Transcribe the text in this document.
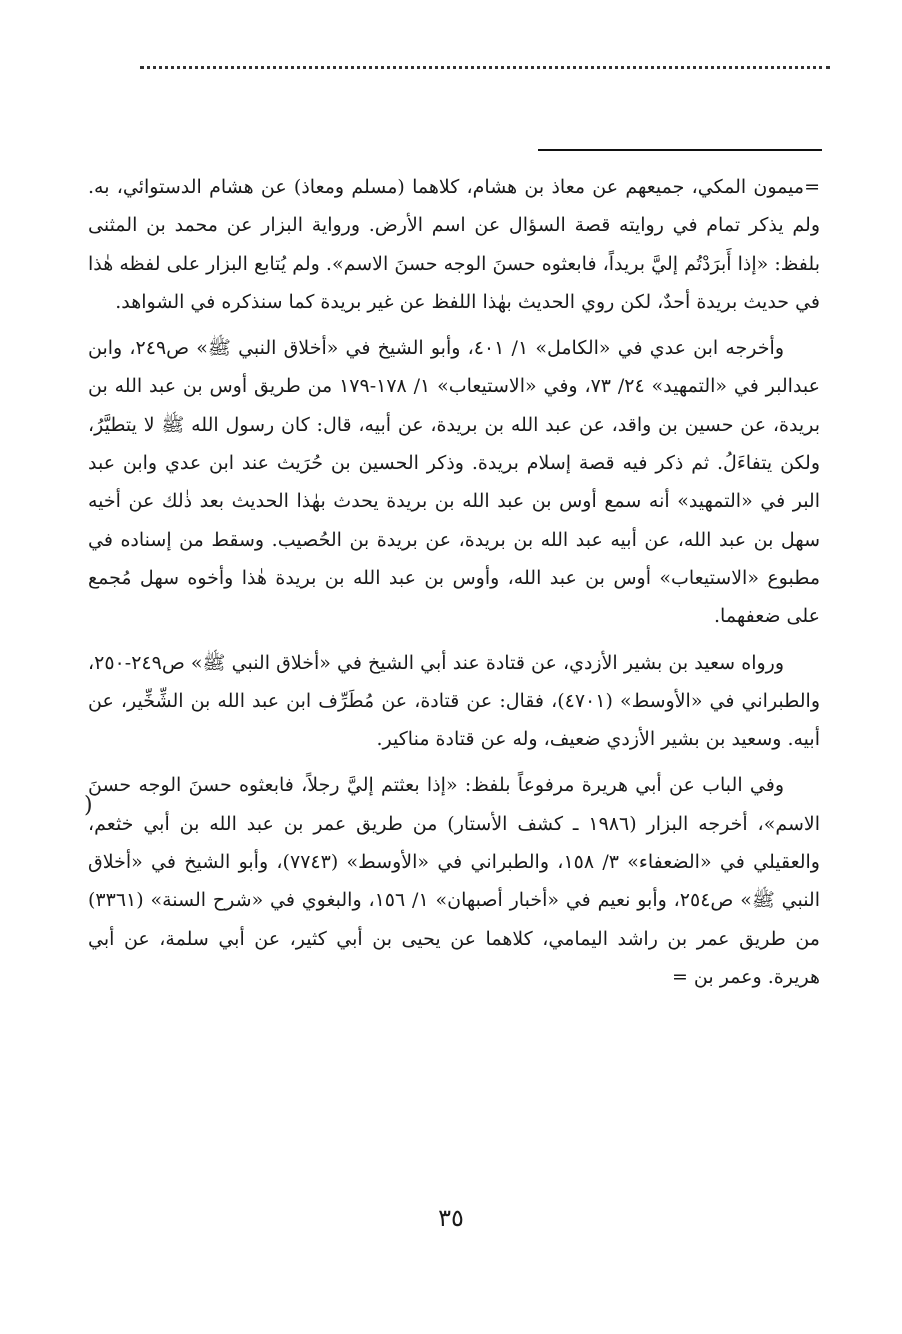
=ميمون المكي، جميعهم عن معاذ بن هشام، كلاهما (مسلم ومعاذ) عن هشام الدستوائي، به. ولم يذكر تمام في روايته قصة السؤال عن اسم الأرض. ورواية البزار عن محمد بن المثنى بلفظ: «إذا أَبرَدْتُم إليَّ بريداً، فابعثوه حسنَ الوجه حسنَ الاسم». ولم يُتابع البزار على لفظه هٰذا في حديث بريدة أحدٌ، لكن روي الحديث بهٰذا اللفظ عن غير بريدة كما سنذكره في الشواهد.

وأخرجه ابن عدي في «الكامل» ١/ ٤٠١، وأبو الشيخ في «أخلاق النبي ﷺ» ص٢٤٩، وابن عبدالبر في «التمهيد» ٢٤/ ٧٣، وفي «الاستيعاب» ١/ ١٧٨-١٧٩ من طريق أوس بن عبد الله بن بريدة، عن حسين بن واقد، عن عبد الله بن بريدة، عن أبيه، قال: كان رسول الله ﷺ لا يتطيَّرُ، ولكن يتفاءَلُ. ثم ذكر فيه قصة إسلام بريدة. وذكر الحسين بن حُرَيث عند ابن عدي وابن عبد البر في «التمهيد» أنه سمع أوس بن عبد الله بن بريدة يحدث بهٰذا الحديث بعد ذٰلك عن أخيه سهل بن عبد الله، عن أبيه عبد الله بن بريدة، عن بريدة بن الحُصيب. وسقط من إسناده في مطبوع «الاستيعاب» أوس بن عبد الله، وأوس بن عبد الله بن بريدة هٰذا وأخوه سهل مُجمع على ضعفهما.

ورواه سعيد بن بشير الأزدي، عن قتادة عند أبي الشيخ في «أخلاق النبي ﷺ» ص٢٤٩-٢٥٠، والطبراني في «الأوسط» (٤٧٠١)، فقال: عن قتادة، عن مُطَرِّف ابن عبد الله بن الشِّخِّير، عن أبيه. وسعيد بن بشير الأزدي ضعيف، وله عن قتادة مناكير.

وفي الباب عن أبي هريرة مرفوعاً بلفظ: «إذا بعثتم إليَّ رجلاً، فابعثوه حسنَ الوجه حسنَ الاسم»، أخرجه البزار (١٩٨٦ ـ كشف الأستار) من طريق عمر بن عبد الله بن أبي خثعم، والعقيلي في «الضعفاء» ٣/ ١٥٨، والطبراني في «الأوسط» (٧٧٤٣)، وأبو الشيخ في «أخلاق النبي ﷺ» ص٢٥٤، وأبو نعيم في «أخبار أصبهان» ١/ ١٥٦، والبغوي في «شرح السنة» (٣٣٦١) من طريق عمر بن راشد اليمامي، كلاهما عن يحيى بن أبي كثير، عن أبي سلمة، عن أبي هريرة. وعمر بن =

(
٣٥
